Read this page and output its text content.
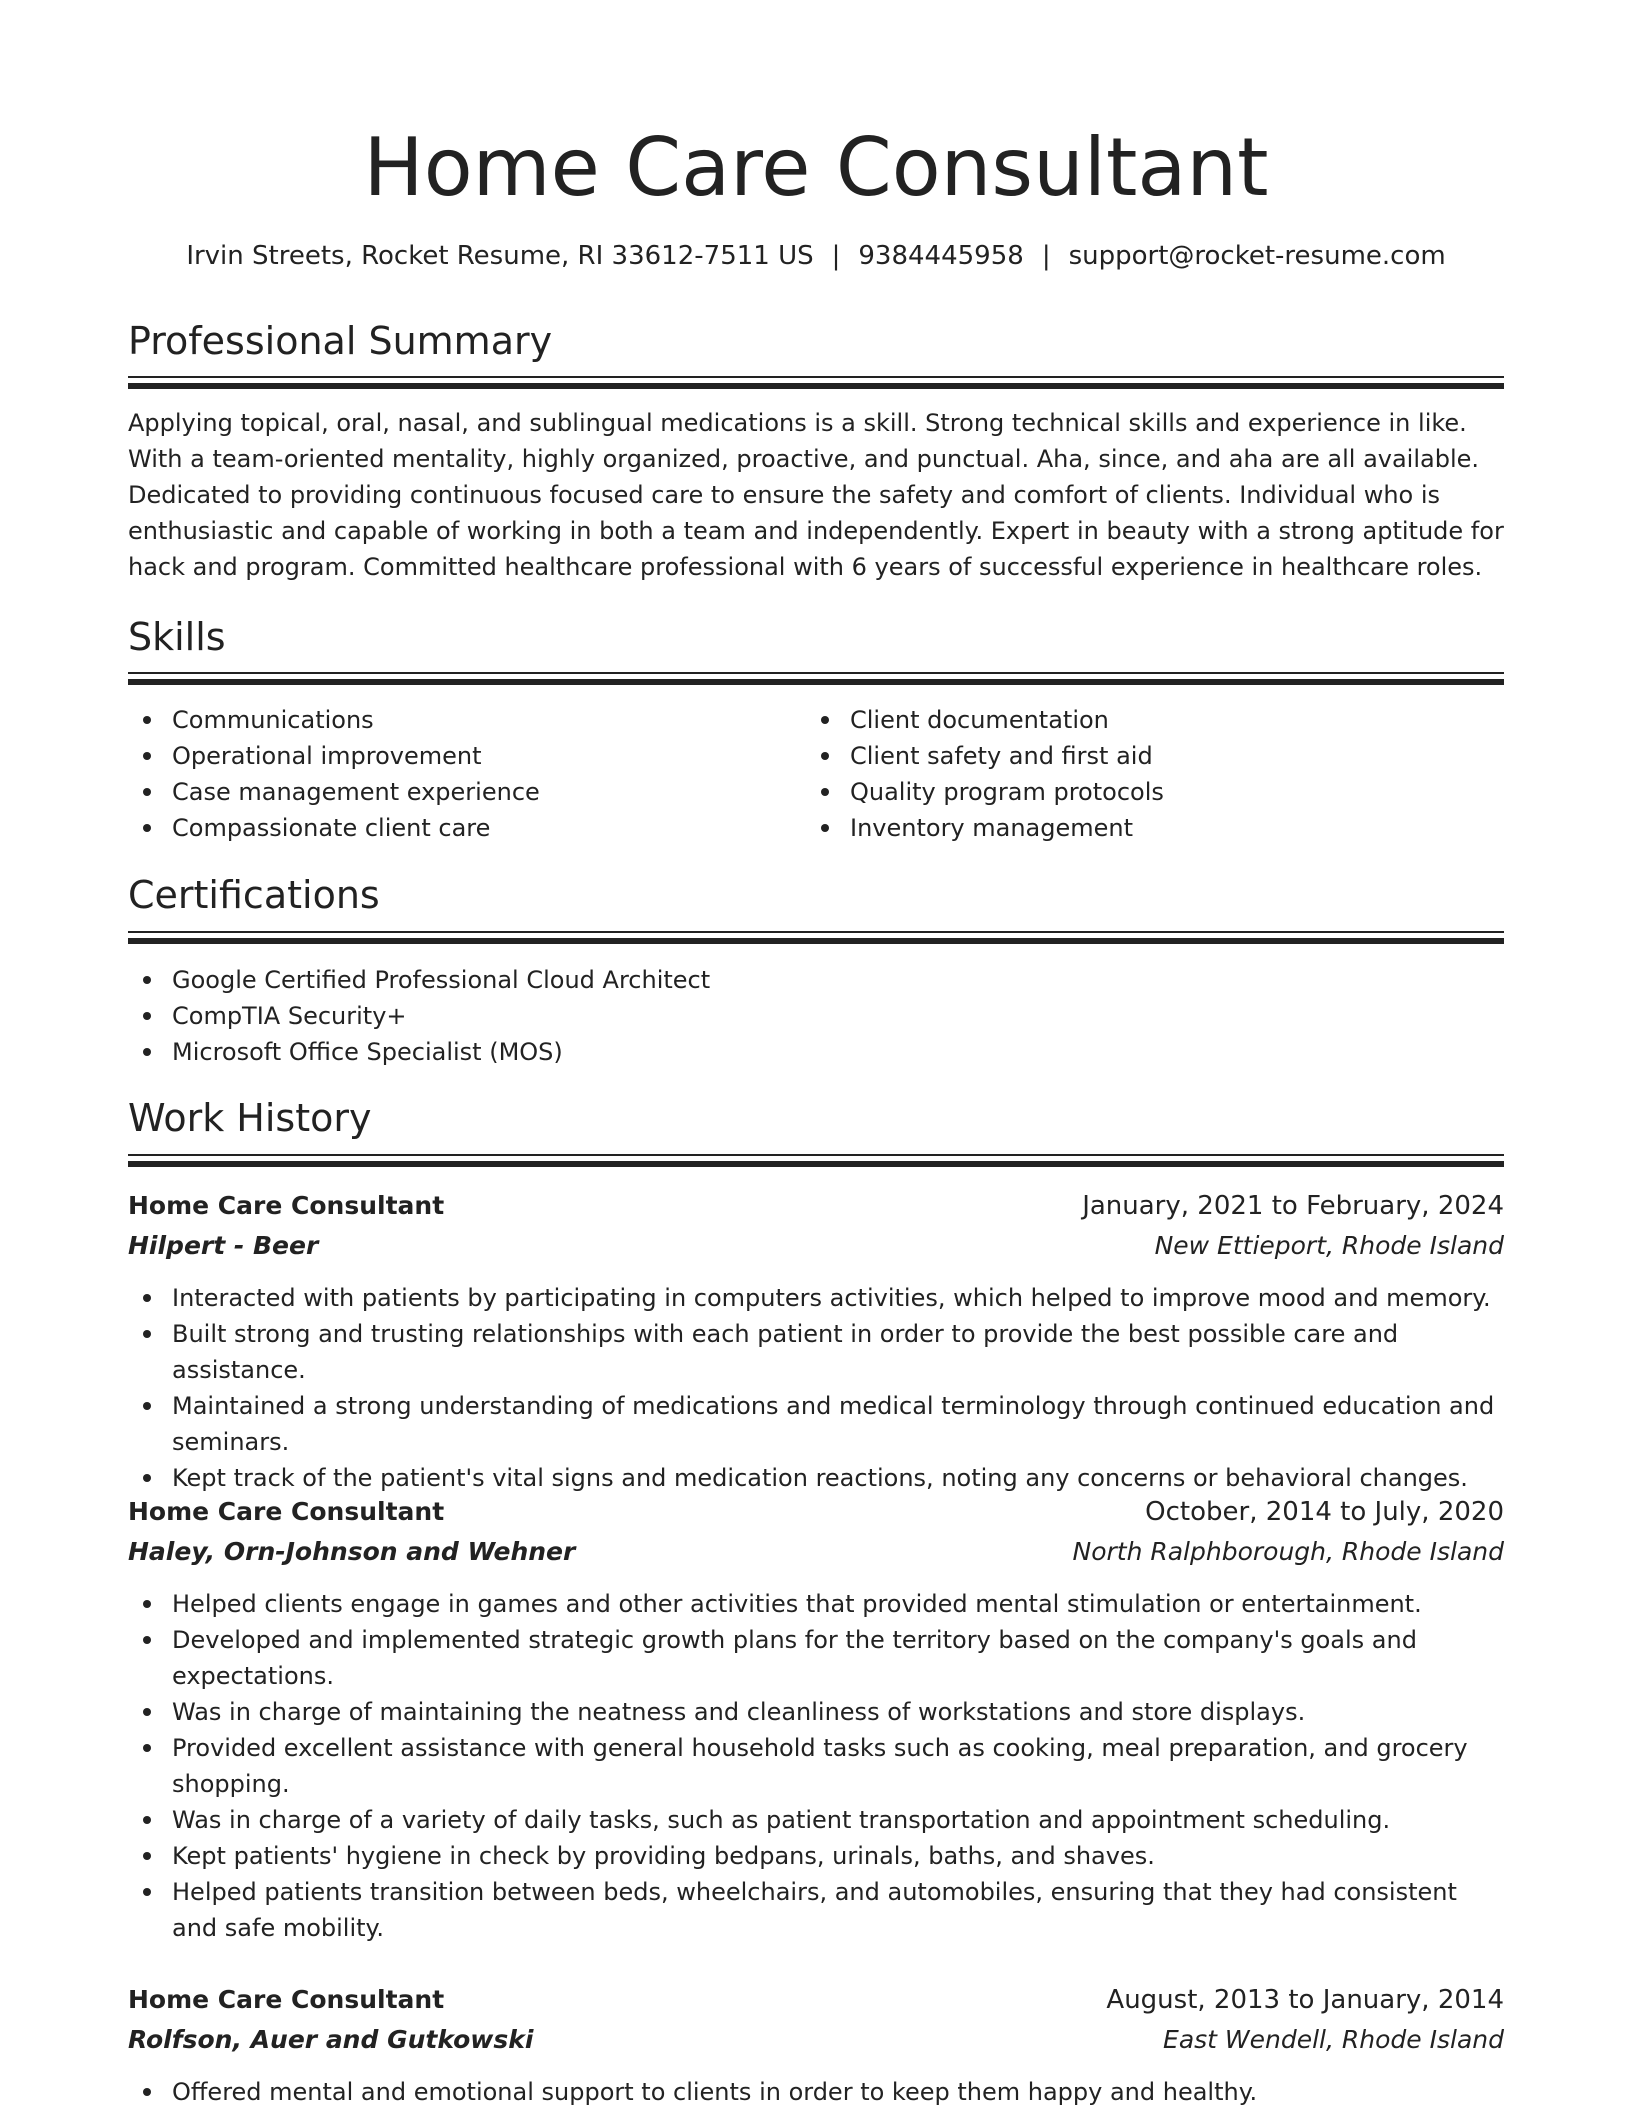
Home Care Consultant
Irvin Streets, Rocket Resume, RI 33612-7511 US | 9384445958 | support@rocket-resume.com
Professional Summary

Applying topical, oral, nasal, and sublingual medications is a skill. Strong technical skills and experience in like. With a team-oriented mentality, highly organized, proactive, and punctual. Aha, since, and aha are all available. Dedicated to providing continuous focused care to ensure the safety and comfort of clients. Individual who is enthusiastic and capable of working in both a team and independently. Expert in beauty with a strong aptitude for hack and program. Committed healthcare professional with 6 years of successful experience in healthcare roles.

Skills
Communications
Operational improvement
Case management experience
Compassionate client care
Client documentation
Client safety and first aid
Quality program protocols
Inventory management
Certifications
Google Certified Professional Cloud Architect
CompTIA Security+
Microsoft Office Specialist (MOS)
Work History
Home Care Consultant	January, 2021 to February, 2024
Hilpert - Beer	New Ettieport, Rhode Island
Interacted with patients by participating in computers activities, which helped to improve mood and memory.
Built strong and trusting relationships with each patient in order to provide the best possible care and assistance.
Maintained a strong understanding of medications and medical terminology through continued education and seminars.
Kept track of the patient's vital signs and medication reactions, noting any concerns or behavioral changes.
Home Care Consultant	October, 2014 to July, 2020
Haley, Orn-Johnson and Wehner	North Ralphborough, Rhode Island
Helped clients engage in games and other activities that provided mental stimulation or entertainment.
Developed and implemented strategic growth plans for the territory based on the company's goals and expectations.
Was in charge of maintaining the neatness and cleanliness of workstations and store displays.
Provided excellent assistance with general household tasks such as cooking, meal preparation, and grocery shopping.
Was in charge of a variety of daily tasks, such as patient transportation and appointment scheduling.
Kept patients' hygiene in check by providing bedpans, urinals, baths, and shaves.
Helped patients transition between beds, wheelchairs, and automobiles, ensuring that they had consistent and safe mobility.
Home Care Consultant	August, 2013 to January, 2014
Rolfson, Auer and Gutkowski	East Wendell, Rhode Island
Offered mental and emotional support to clients in order to keep them happy and healthy.
